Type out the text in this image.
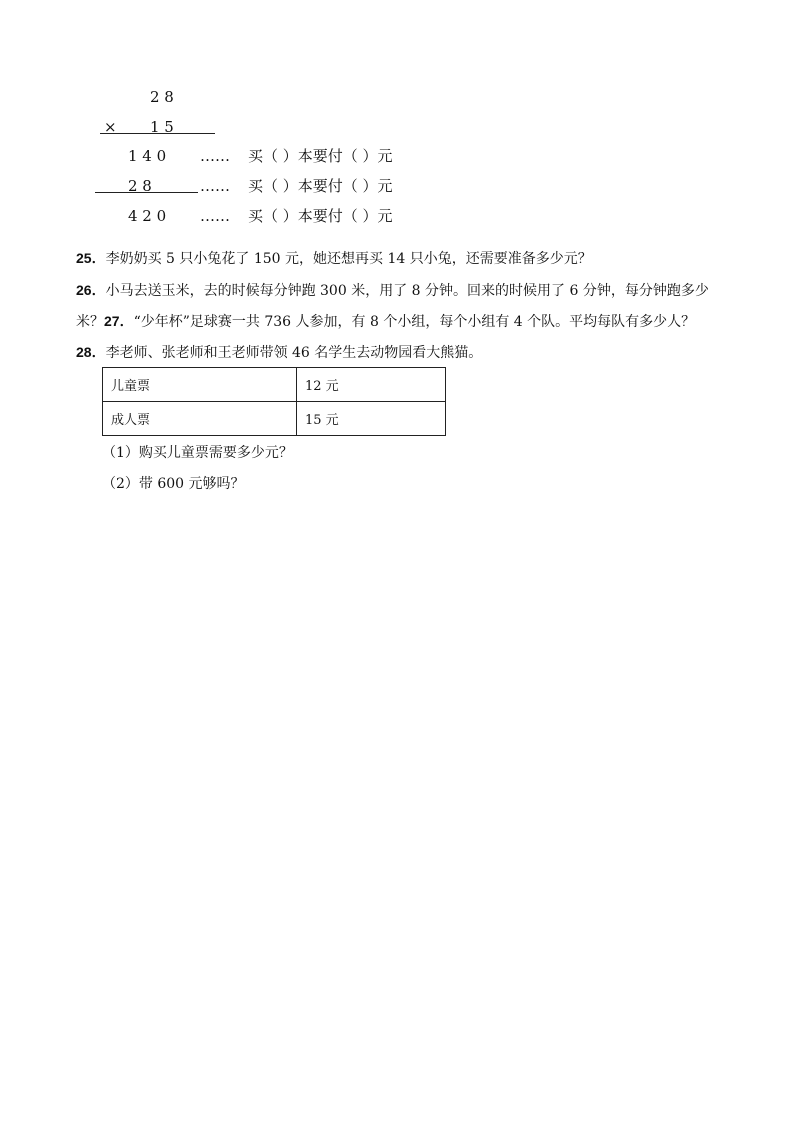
2 8
× 1 5
1 4 0 …… 买（ ）本要付（ ）元
2 8	…… 买（ ）本要付（ ）元
4 2 0 …… 买（ ）本要付（ ）元
25．李奶奶买 5 只小兔花了 150 元，她还想再买 14 只小兔，还需要准备多少元？
26．小马去送玉米，去的时候每分钟跑 300 米，用了 8 分钟。回来的时候用了 6 分钟，每分钟跑多少
米？27．“少年杯”足球赛一共 736 人参加，有 8 个小组，每个小组有 4 个队。平均每队有多少人？
28．李老师、张老师和王老师带领 46 名学生去动物园看大熊猫。
儿童票	12 元
成人票	15 元
（1）购买儿童票需要多少元？
（2）带 600 元够吗？
